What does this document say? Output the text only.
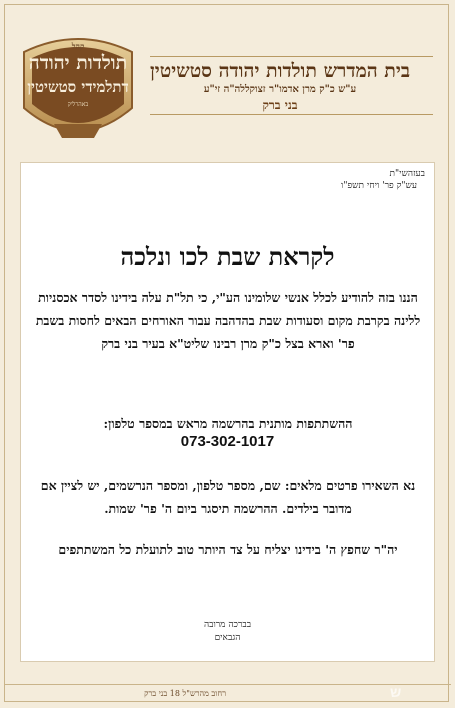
קהל
תולדות יהודה
דתלמידי סטשיטין
באהרליק
בית המדרש תולדות יהודה סטשיטין
ע"ש כ"ק מרן אדמו"ר זצוקללה"ה זי"ע
בני ברק
בעזהשי"ת
עש"ק פר' ויחי תשפ"ו
לקראת שבת לכו ונלכה
הננו בזה להודיע לכלל אנשי שלומינו הע"י, כי תל"ת עלה בידינו לסדר אכסניות ללינה בקרבת מקום וסעודות שבת בהדהבה עבור האורחים הבאים לחסות בשבת פר' וארא בצל כ"ק מרן רבינו שליט"א בעיר בני ברק
ההשתתפות מותנית בהרשמה מראש במספר טלפון:
073-302-1017
נא השאירו פרטים מלאים: שם, מספר טלפון, ומספר הנרשמים, יש לציין אם מדובר בילדים. ההרשמה תיסגר ביום ה' פר' שמות.
יה"ר שחפץ ה' בידינו יצליח על צד היותר טוב לתועלת כל המשתתפים
בברכה מרובה
הגבאים
רחוב מהרש"ל 18 בני ברק	ש
